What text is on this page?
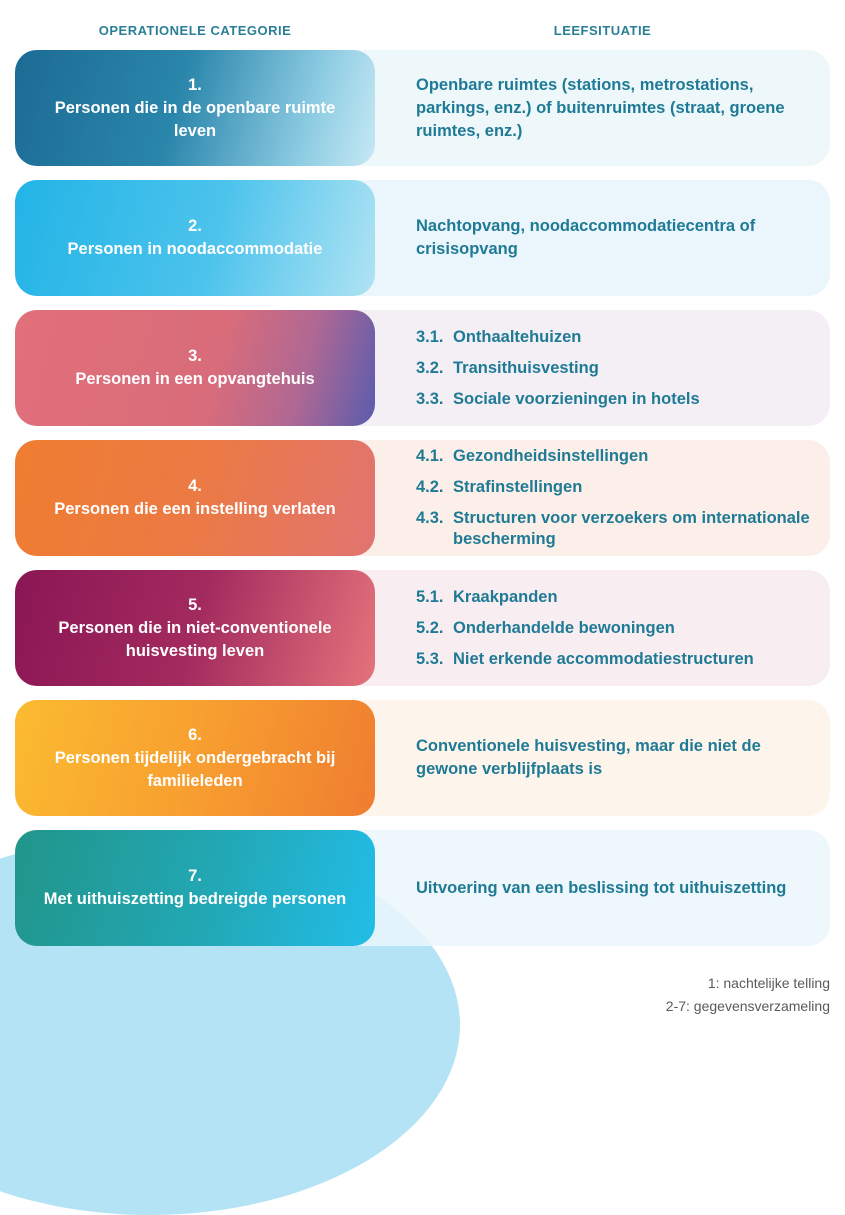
OPERATIONELE CATEGORIE	LEEFSITUATIE

Openbare ruimtes (stations, metrostations, parkings, enz.) of buitenruimtes (straat, groene ruimtes, enz.)

1.
Personen die in de openbare ruimte leven

Nachtopvang, noodaccommodatiecentra of crisisopvang

2.
Personen in noodaccommodatie
3.1. Onthaaltehuizen
3.2. Transithuisvesting
3.3. Sociale voorzieningen in hotels
3.
Personen in een opvangtehuis
4.1. Gezondheidsinstellingen
4.2. Strafinstellingen
4.3. Structuren voor verzoekers om internationale bescherming
4.
Personen die een instelling verlaten
5.1. Kraakpanden
5.2. Onderhandelde bewoningen
5.3. Niet erkende accommodatiestructuren
5.
Personen die in niet-conventionele huisvesting leven

Conventionele huisvesting, maar die niet de gewone verblijfplaats is

6.
Personen tijdelijk ondergebracht bij familieleden

Uitvoering van een beslissing tot uithuiszetting

7.
Met uithuiszetting bedreigde personen
1: nachtelijke telling
2-7: gegevensverzameling
